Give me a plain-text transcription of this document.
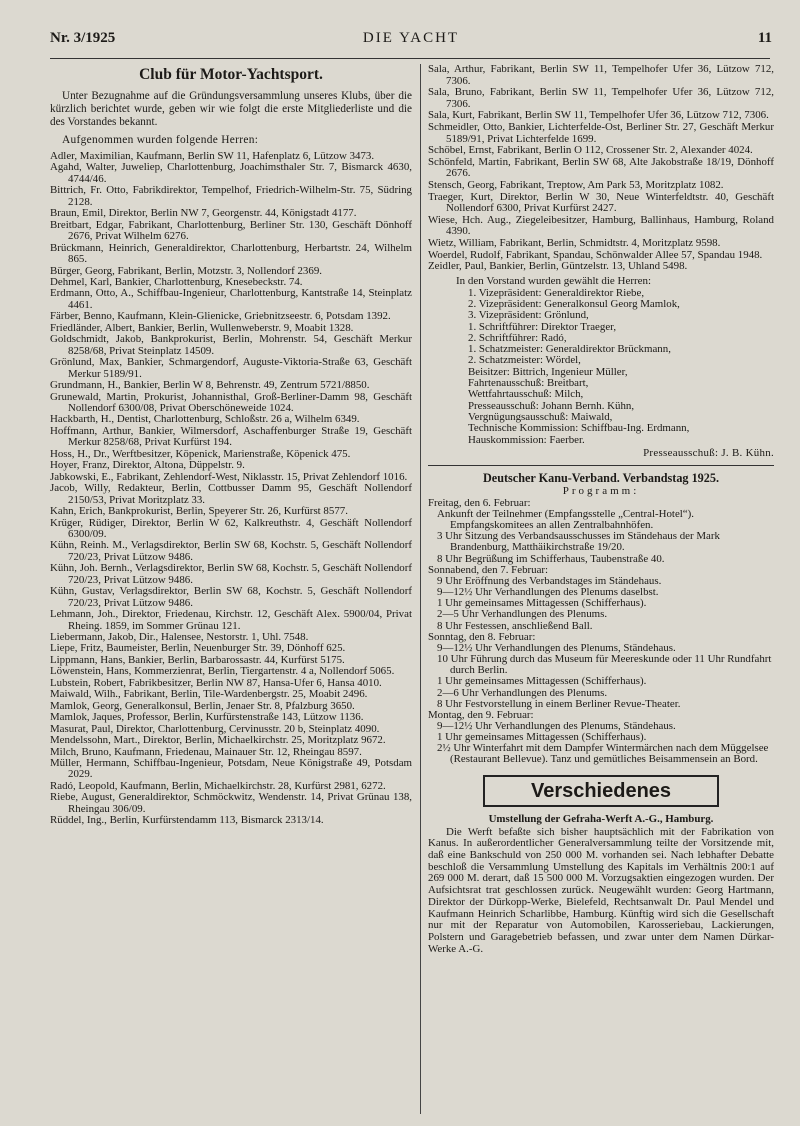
Nr. 3/1925	DIE YACHT	11
Club für Motor-Yachtsport.

Unter Bezugnahme auf die Gründungsversammlung unseres Klubs, über die kürzlich berichtet wurde, geben wir wie folgt die erste Mitgliederliste und die des Vorstandes bekannt.

Aufgenommen wurden folgende Herren:

Adler, Maximilian, Kaufmann, Berlin SW 11, Hafenplatz 6, Lützow 3473.

Agahd, Walter, Juweliер, Charlottenburg, Joachimsthaler Str. 7, Bismarck 4630, 4744/46.

Bittrich, Fr. Otto, Fabrikdirektor, Tempelhof, Friedrich-Wilhelm-Str. 75, Südring 2128.

Braun, Emil, Direktor, Berlin NW 7, Georgenstr. 44, Königstadt 4177.

Breitbart, Edgar, Fabrikant, Charlottenburg, Berliner Str. 130, Geschäft Dönhoff 2676, Privat Wilhelm 6276.

Brückmann, Heinrich, Generaldirektor, Charlottenburg, Herbartstr. 24, Wilhelm 865.

Bürger, Georg, Fabrikant, Berlin, Motzstr. 3, Nollendorf 2369.

Dehmel, Karl, Bankier, Charlottenburg, Knesebeckstr. 74.

Erdmann, Otto, A., Schiffbau-Ingenieur, Charlottenburg, Kantstraße 14, Steinplatz 4461.

Färber, Benno, Kaufmann, Klein-Glienicke, Griebnitzseestr. 6, Potsdam 1392.

Friedländer, Albert, Bankier, Berlin, Wullenweberstr. 9, Moabit 1328.

Goldschmidt, Jakob, Bankprokurist, Berlin, Mohrenstr. 54, Geschäft Merkur 8258/68, Privat Steinplatz 14509.

Grönlund, Max, Bankier, Schmargendorf, Auguste-Viktoria-Straße 63, Geschäft Merkur 5189/91.

Grundmann, H., Bankier, Berlin W 8, Behrenstr. 49, Zentrum 5721/8850.

Grunewald, Martin, Prokurist, Johannisthal, Groß-Berliner-Damm 98, Geschäft Nollendorf 6300/08, Privat Oberschöneweide 1024.

Hackbarth, H., Dentist, Charlottenburg, Schloßstr. 26 a, Wilhelm 6349.

Hoffmann, Arthur, Bankier, Wilmersdorf, Aschaffenburger Straße 19, Geschäft Merkur 8258/68, Privat Kurfürst 194.

Hoss, H., Dr., Werftbesitzer, Köpenick, Marienstraße, Köpenick 475.

Hoyer, Franz, Direktor, Altona, Düppelstr. 9.

Jabkowski, E., Fabrikant, Zehlendorf-West, Niklasstr. 15, Privat Zehlendorf 1016.

Jacob, Willy, Redakteur, Berlin, Cottbusser Damm 95, Geschäft Nollendorf 2150/53, Privat Moritzplatz 33.

Kahn, Erich, Bankprokurist, Berlin, Speyerer Str. 26, Kurfürst 8577.

Krüger, Rüdiger, Direktor, Berlin W 62, Kalkreuthstr. 4, Geschäft Nollendorf 6300/09.

Kühn, Reinh. M., Verlagsdirektor, Berlin SW 68, Kochstr. 5, Geschäft Nollendorf 720/23, Privat Lützow 9486.

Kühn, Joh. Bernh., Verlagsdirektor, Berlin SW 68, Kochstr. 5, Geschäft Nollendorf 720/23, Privat Lützow 9486.

Kühn, Gustav, Verlagsdirektor, Berlin SW 68, Kochstr. 5, Geschäft Nollendorf 720/23, Privat Lützow 9486.

Lehmann, Joh., Direktor, Friedenau, Kirchstr. 12, Geschäft Alex. 5900/04, Privat Rheing. 1859, im Sommer Grünau 121.

Liebermann, Jakob, Dir., Halensee, Nestorstr. 1, Uhl. 7548.

Liepe, Fritz, Baumeister, Berlin, Neuenburger Str. 39, Dönhoff 625.

Lippmann, Hans, Bankier, Berlin, Barbarossastr. 44, Kurfürst 5175.

Löwenstein, Hans, Kommerzienrat, Berlin, Tiergartenstr. 4 a, Nollendorf 5065.

Lubstein, Robert, Fabrikbesitzer, Berlin NW 87, Hansa-Ufer 6, Hansa 4010.

Maiwald, Wilh., Fabrikant, Berlin, Tile-Wardenbergstr. 25, Moabit 2496.

Mamlok, Georg, Generalkonsul, Berlin, Jenaer Str. 8, Pfalzburg 3650.

Mamlok, Jaques, Professor, Berlin, Kurfürstenstraße 143, Lützow 1136.

Masurat, Paul, Direktor, Charlottenburg, Cervinusstr. 20 b, Steinplatz 4090.

Mendelssohn, Mart., Direktor, Berlin, Michaelkirchstr. 25, Moritzplatz 9672.

Milch, Bruno, Kaufmann, Friedenau, Mainauer Str. 12, Rheingau 8597.

Müller, Hermann, Schiffbau-Ingenieur, Potsdam, Neue Königstraße 49, Potsdam 2029.

Radó, Leopold, Kaufmann, Berlin, Michaelkirchstr. 28, Kurfürst 2981, 6272.

Riebe, August, Generaldirektor, Schmöckwitz, Wendenstr. 14, Privat Grünau 138, Rheingau 306/09.

Rüddel, Ing., Berlin, Kurfürstendamm 113, Bismarck 2313/14.

Sala, Arthur, Fabrikant, Berlin SW 11, Tempelhofer Ufer 36, Lützow 712, 7306.

Sala, Bruno, Fabrikant, Berlin SW 11, Tempelhofer Ufer 36, Lützow 712, 7306.

Sala, Kurt, Fabrikant, Berlin SW 11, Tempelhofer Ufer 36, Lützow 712, 7306.

Schmeidler, Otto, Bankier, Lichterfelde-Ost, Berliner Str. 27, Geschäft Merkur 5189/91, Privat Lichterfelde 1699.

Schöbel, Ernst, Fabrikant, Berlin O 112, Crossener Str. 2, Alexander 4024.

Schönfeld, Martin, Fabrikant, Berlin SW 68, Alte Jakobstraße 18/19, Dönhoff 2676.

Stensch, Georg, Fabrikant, Treptow, Am Park 53, Moritzplatz 1082.

Traeger, Kurt, Direktor, Berlin W 30, Neue Winterfeldtstr. 40, Geschäft Nollendorf 6300, Privat Kurfürst 2427.

Wiese, Hch. Aug., Ziegeleibesitzer, Hamburg, Ballinhaus, Hamburg, Roland 4390.

Wietz, William, Fabrikant, Berlin, Schmidtstr. 4, Moritzplatz 9598.

Woerdel, Rudolf, Fabrikant, Spandau, Schönwalder Allee 57, Spandau 1948.

Zeidler, Paul, Bankier, Berlin, Güntzelstr. 13, Uhland 5498.

In den Vorstand wurden gewählt die Herren:

1. Vizepräsident: Generaldirektor Riebe,
2. Vizepräsident: Generalkonsul Georg Mamlok,
3. Vizepräsident: Grönlund,
1. Schriftführer: Direktor Traeger,
2. Schriftführer: Radó,
1. Schatzmeister: Generaldirektor Brückmann,
2. Schatzmeister: Wördel,
Beisitzer: Bittrich, Ingenieur Müller,
Fahrtenausschuß: Breitbart,
Wettfahrtausschuß: Milch,
Presseausschuß: Johann Bernh. Kühn,
Vergnügungsausschuß: Maiwald,
Technische Kommission: Schiffbau-Ing. Erdmann,
Hauskommission: Faerber.

Presseausschuß: J. B. Kühn.

Deutscher Kanu-Verband. Verbandstag 1925.

Programm:

Freitag, den 6. Februar:

Ankunft der Teilnehmer (Empfangsstelle „Central-Hotel“). Empfangskomitees an allen Zentralbahnhöfen.

3 Uhr Sitzung des Verbandsausschusses im Ständehaus der Mark Brandenburg, Matthäikirchstraße 19/20.

8 Uhr Begrüßung im Schifferhaus, Taubenstraße 40.

Sonnabend, den 7. Februar:

9 Uhr Eröffnung des Verbandstages im Ständehaus.

9—12½ Uhr Verhandlungen des Plenums daselbst.

1 Uhr gemeinsames Mittagessen (Schifferhaus).

2—5 Uhr Verhandlungen des Plenums.

8 Uhr Festessen, anschließend Ball.

Sonntag, den 8. Februar:

9—12½ Uhr Verhandlungen des Plenums, Ständehaus.

10 Uhr Führung durch das Museum für Meereskunde oder 11 Uhr Rundfahrt durch Berlin.

1 Uhr gemeinsames Mittagessen (Schifferhaus).

2—6 Uhr Verhandlungen des Plenums.

8 Uhr Festvorstellung in einem Berliner Revue-Theater.

Montag, den 9. Februar:

9—12½ Uhr Verhandlungen des Plenums, Ständehaus.

1 Uhr gemeinsames Mittagessen (Schifferhaus).

2½ Uhr Winterfahrt mit dem Dampfer Wintermärchen nach dem Müggelsee (Restaurant Bellevue). Tanz und gemütliches Beisammensein an Bord.

Verschiedenes

Umstellung der Gefraha-Werft A.-G., Hamburg.

Die Werft befaßte sich bisher hauptsächlich mit der Fabrikation von Kanus. In außerordentlicher Generalversammlung teilte der Vorsitzende mit, daß eine Bankschuld von 250 000 M. vorhanden sei. Nach lebhafter Debatte beschloß die Versammlung Umstellung des Kapitals im Verhältnis 200:1 auf 269 000 M. derart, daß 15 500 000 M. Vorzugsaktien eingezogen wurden. Der Aufsichtsrat trat geschlossen zurück. Neugewählt wurden: Georg Hartmann, Direktor der Dürkopp-Werke, Bielefeld, Rechtsanwalt Dr. Paul Mendel und Kaufmann Heinrich Scharlibbe, Hamburg. Künftig wird sich die Gesellschaft nur mit der Reparatur von Automobilen, Karosseriebau, Lackierungen, Polstern und Garagebetrieb befassen, und zwar unter dem Namen Dürkar-Werke A.-G.
